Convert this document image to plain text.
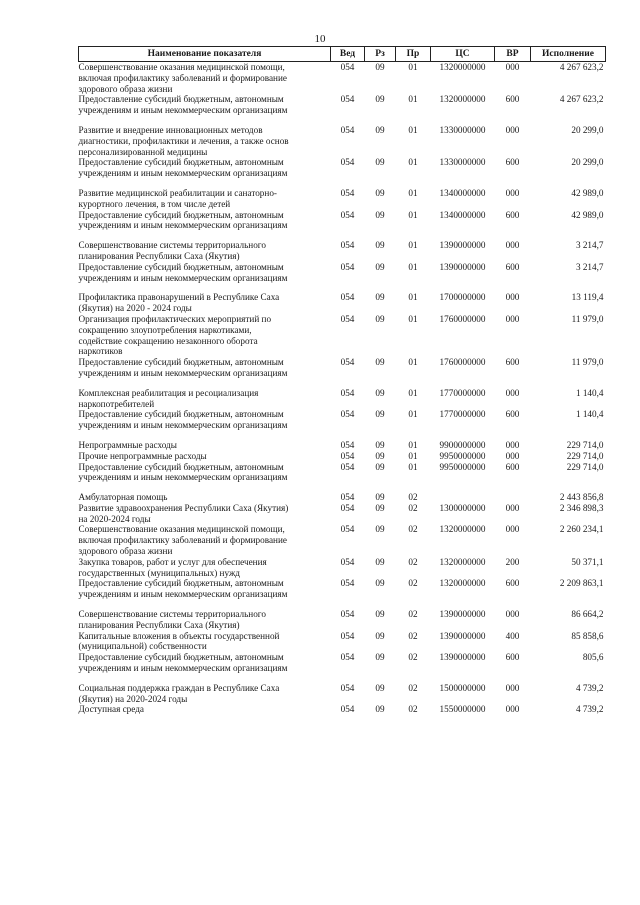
10
Наименование показателя	Вед	Рз	Пр	ЦС	ВР	Исполнение

Совершенствование оказания медицинской помощи,
включая профилактику заболеваний и формирование
здорового образа жизни	054	09	01	1320000000	000	4 267 623,2

Предоставление субсидий бюджетным, автономным
учреждениям и иным некоммерческим организациям	054	09	01	1320000000	600	4 267 623,2

Развитие и внедрение инновационных методов
диагностики, профилактики и лечения, а также основ
персонализированной медицины	054	09	01	1330000000	000	20 299,0

Предоставление субсидий бюджетным, автономным
учреждениям и иным некоммерческим организациям	054	09	01	1330000000	600	20 299,0

Развитие медицинской реабилитации и санаторно-
курортного лечения, в том числе детей	054	09	01	1340000000	000	42 989,0

Предоставление субсидий бюджетным, автономным
учреждениям и иным некоммерческим организациям	054	09	01	1340000000	600	42 989,0

Совершенствование системы территориального
планирования Республики Саха (Якутия)	054	09	01	1390000000	000	3 214,7

Предоставление субсидий бюджетным, автономным
учреждениям и иным некоммерческим организациям	054	09	01	1390000000	600	3 214,7

Профилактика правонарушений в Республике Саха
(Якутия) на 2020 - 2024 годы	054	09	01	1700000000	000	13 119,4

Организация профилактических мероприятий по
сокращению злоупотребления наркотиками,
содействие сокращению незаконного оборота
наркотиков	054	09	01	1760000000	000	11 979,0

Предоставление субсидий бюджетным, автономным
учреждениям и иным некоммерческим организациям	054	09	01	1760000000	600	11 979,0

Комплексная реабилитация и ресоциализация
наркопотребителей	054	09	01	1770000000	000	1 140,4

Предоставление субсидий бюджетным, автономным
учреждениям и иным некоммерческим организациям	054	09	01	1770000000	600	1 140,4

Непрограммные расходы	054	09	01	9900000000	000	229 714,0

Прочие непрограммные расходы	054	09	01	9950000000	000	229 714,0

Предоставление субсидий бюджетным, автономным
учреждениям и иным некоммерческим организациям	054	09	01	9950000000	600	229 714,0

Амбулаторная помощь	054	09	02			2 443 856,8

Развитие здравоохранения Республики Саха (Якутия)
на 2020-2024 годы	054	09	02	1300000000	000	2 346 898,3

Совершенствование оказания медицинской помощи,
включая профилактику заболеваний и формирование
здорового образа жизни	054	09	02	1320000000	000	2 260 234,1

Закупка товаров, работ и услуг для обеспечения
государственных (муниципальных) нужд	054	09	02	1320000000	200	50 371,1

Предоставление субсидий бюджетным, автономным
учреждениям и иным некоммерческим организациям	054	09	02	1320000000	600	2 209 863,1

Совершенствование системы территориального
планирования Республики Саха (Якутия)	054	09	02	1390000000	000	86 664,2

Капитальные вложения в объекты государственной
(муниципальной) собственности	054	09	02	1390000000	400	85 858,6

Предоставление субсидий бюджетным, автономным
учреждениям и иным некоммерческим организациям	054	09	02	1390000000	600	805,6

Социальная поддержка граждан в Республике Саха
(Якутия) на 2020-2024 годы	054	09	02	1500000000	000	4 739,2

Доступная среда	054	09	02	1550000000	000	4 739,2
